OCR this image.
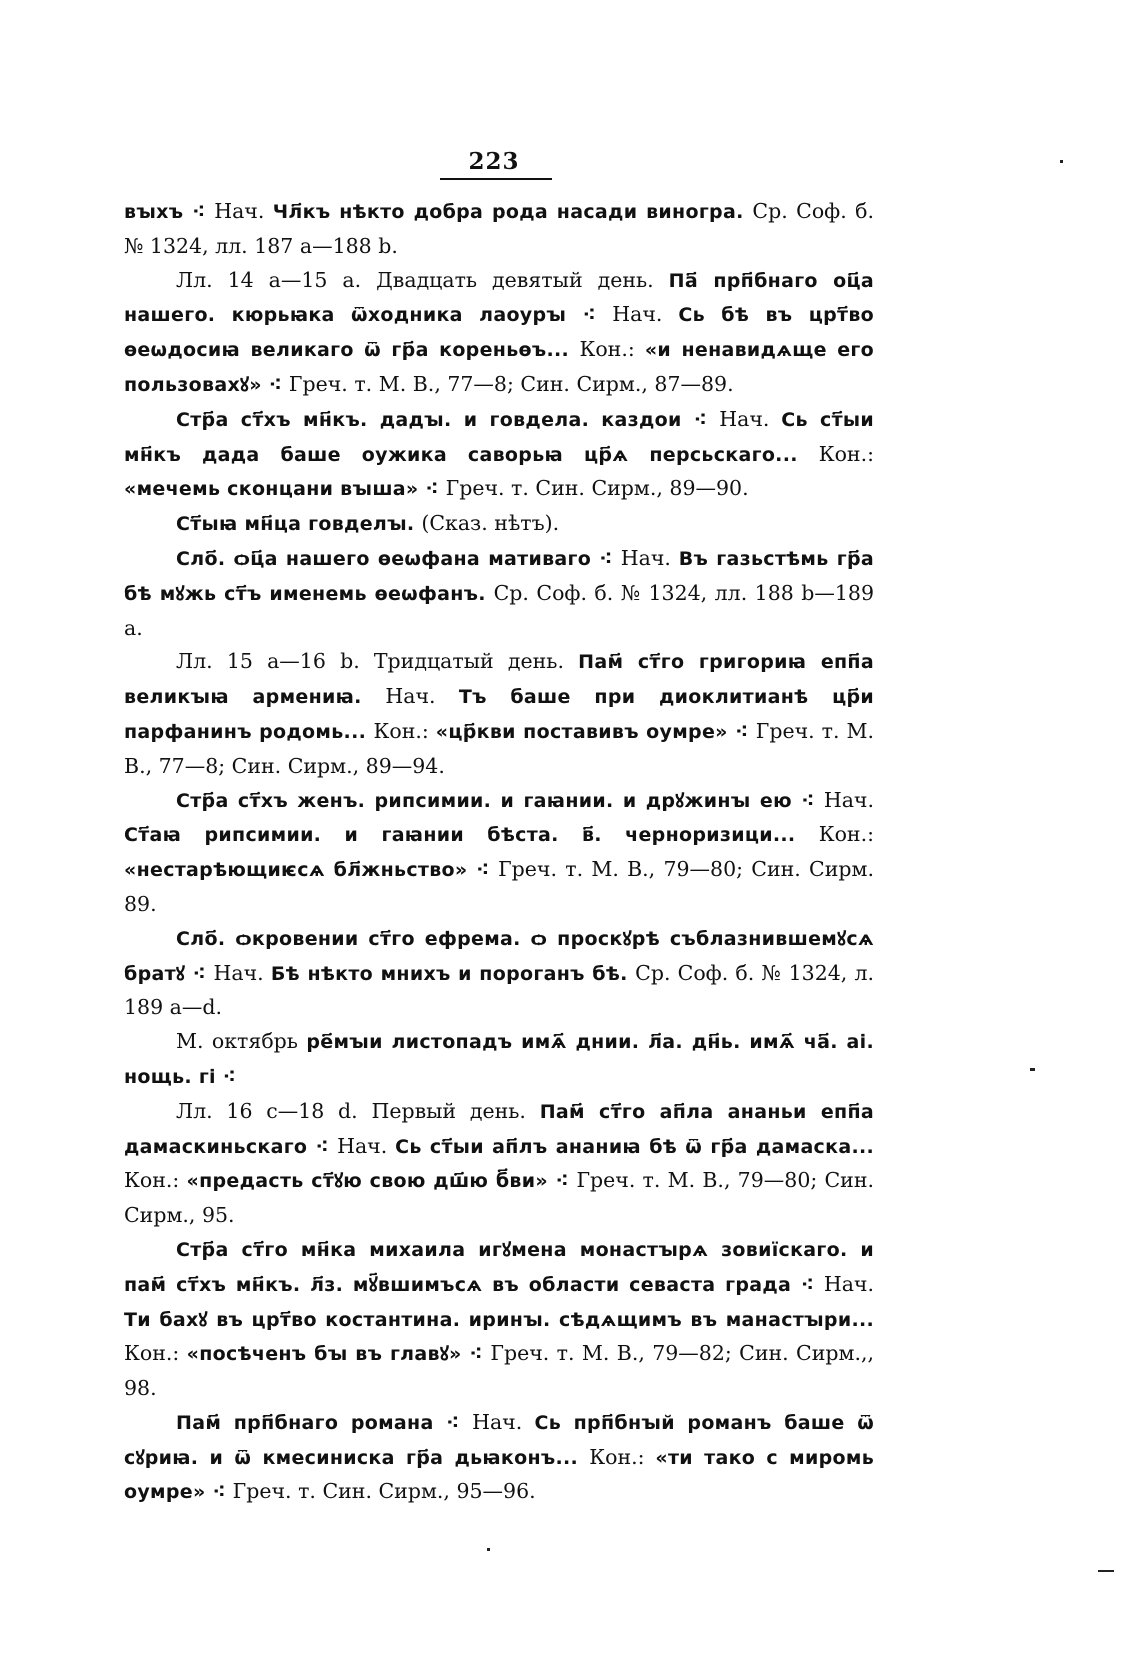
223

вꙑхъ ⁖ Нач. Чл҃къ нѣкто добра рода насади виногра. Ср. Соф. б. № 1324, лл. 187 a—188 b.

Лл. 14 a—15 a. Двадцать девятый день. Па҃ прп҃бнаго оц҃а нашего. кюрьꙗка ѿходника лаоурꙑ ⁖ Нач. Сь бѣ въ црт҃во ѳеѡдосиꙗ великаго ѿ гр҃а кореньѳъ... Кон.: «и ненавидѧще его пользовахꙋ» ⁖ Греч. т. М. В., 77—8; Син. Сирм., 87—89.

Стр҃а ст҃хъ мн҃къ. дадꙑ. и говдела. каздои ⁖ Нач. Сь ст҃ыи мн҃къ дада баше оужика саворьꙗ цр҃ѧ персьскаго... Кон.: «мечемь сконцани вꙑша» ⁖ Греч. т. Син. Сирм., 89—90.

Ст҃ыꙗ мн҃ца говделꙑ. (Сказ. нѣтъ).

Сло҃. ѻц҃а нашего ѳеѡфана мативаго ⁖ Нач. Въ газьстѣмь гр҃а бѣ мꙋжь ст҃ъ именемь ѳеѡфанъ. Ср. Соф. б. № 1324, лл. 188 b—189 a.

Лл. 15 a—16 b. Тридцатый день. Пам҃ ст҃го григориꙗ епп҃а великꙑꙗ армениꙗ. Нач. Тъ баше при диоклитианѣ цр҃и парфанинъ родомь... Кон.: «цр҃кви поставивъ оумре» ⁖ Греч. т. М. В., 77—8; Син. Сирм., 89—94.

Стр҃а ст҃хъ женъ. рипсимии. и гаꙗнии. и дрꙋжинꙑ ею ⁖ Нач. Ст҃аꙗ рипсимии. и гаꙗнии бѣста. в҃. черноризици... Кон.: «нестарѣющиѥсѧ бл҃жньство» ⁖ Греч. т. М. В., 79—80; Син. Сирм. 89.

Сло҃. ѻкровении ст҃го ефрема. ѻ проскꙋрѣ съблазнившемꙋсѧ братꙋ ⁖ Нач. Бѣ нѣкто мнихъ и пороганъ бѣ. Ср. Соф. б. № 1324, л. 189 a—d.

М. октябрь ре҃мꙑи листопадъ имѧ҃ днии. л҃а. дн҃ь. имѧ҃ ча҃. аі. нощь. гі ⁖

Лл. 16 c—18 d. Первый день. Пам҃ ст҃го ап҃ла ананьи епп҃а дамаскиньскаго ⁖ Нач. Сь ст҃ыи ап҃лъ ананиꙗ бѣ ѿ гр҃а дамаска... Кон.: «предасть ст҃ꙋю свою дш҃ю б҃ви» ⁖ Греч. т. М. В., 79—80; Син. Сирм., 95.

Стр҃а ст҃го мн҃ка михаила игꙋмена монастꙑрѧ зовиїскаго. и пам҃ ст҃хъ мн҃къ. л҃з. мꙋ҃вшимъсѧ въ области севаста града ⁖ Нач. Ти бахꙋ въ црт҃во костантина. иринꙑ. сѣдѧщимъ въ манастꙑри... Кон.: «посѣченъ бꙑ въ главꙋ» ⁖ Греч. т. М. В., 79—82; Син. Сирм.,, 98.

Пам҃ прп҃бнаго романа ⁖ Нач. Сь прп҃бнꙑй романъ баше ѿ сꙋриꙗ. и ѿ кмесиниска гр҃а дьꙗконъ... Кон.: «ти тако с миромь оумре» ⁖ Греч. т. Син. Сирм., 95—96.
